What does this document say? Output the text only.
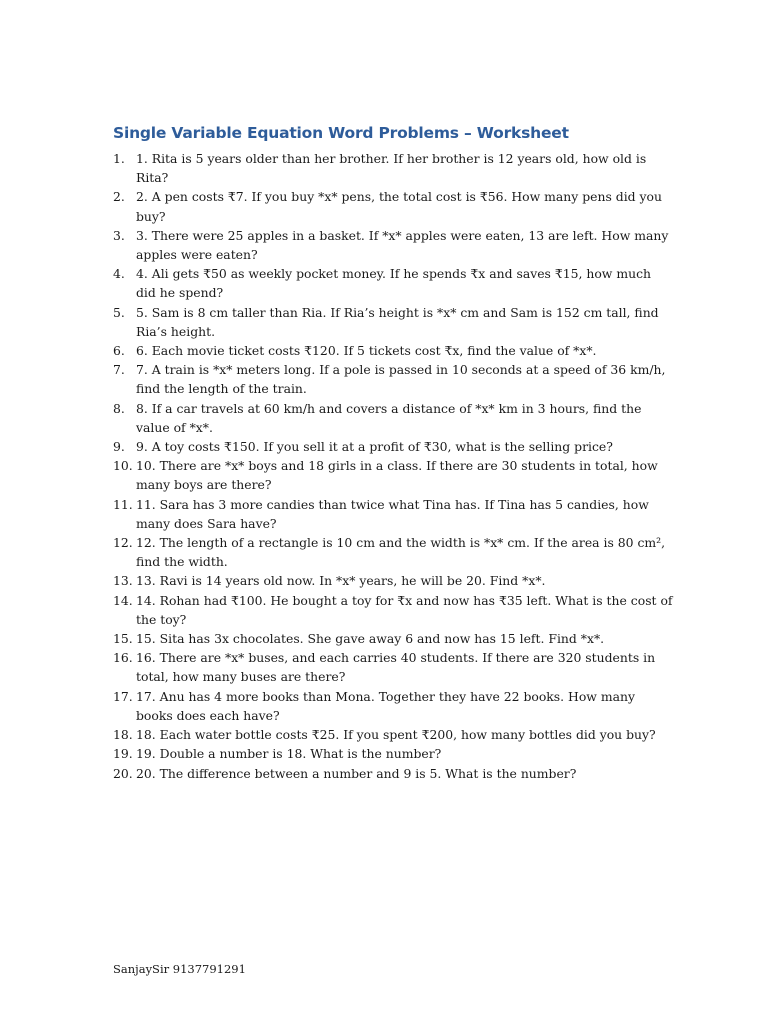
Single Variable Equation Word Problems – Worksheet
1. 1. Rita is 5 years older than her brother. If her brother is 12 years old, how old is Rita?
2. 2. A pen costs ₹7. If you buy *x* pens, the total cost is ₹56. How many pens did you buy?
3. 3. There were 25 apples in a basket. If *x* apples were eaten, 13 are left. How many apples were eaten?
4. 4. Ali gets ₹50 as weekly pocket money. If he spends ₹x and saves ₹15, how much did he spend?
5. 5. Sam is 8 cm taller than Ria. If Ria’s height is *x* cm and Sam is 152 cm tall, find Ria’s height.
6. 6. Each movie ticket costs ₹120. If 5 tickets cost ₹x, find the value of *x*.
7. 7. A train is *x* meters long. If a pole is passed in 10 seconds at a speed of 36 km/h, find the length of the train.
8. 8. If a car travels at 60 km/h and covers a distance of *x* km in 3 hours, find the value of *x*.
9. 9. A toy costs ₹150. If you sell it at a profit of ₹30, what is the selling price?
10. 10. There are *x* boys and 18 girls in a class. If there are 30 students in total, how many boys are there?
11. 11. Sara has 3 more candies than twice what Tina has. If Tina has 5 candies, how many does Sara have?
12. 12. The length of a rectangle is 10 cm and the width is *x* cm. If the area is 80 cm², find the width.
13. 13. Ravi is 14 years old now. In *x* years, he will be 20. Find *x*.
14. 14. Rohan had ₹100. He bought a toy for ₹x and now has ₹35 left. What is the cost of the toy?
15. 15. Sita has 3x chocolates. She gave away 6 and now has 15 left. Find *x*.
16. 16. There are *x* buses, and each carries 40 students. If there are 320 students in total, how many buses are there?
17. 17. Anu has 4 more books than Mona. Together they have 22 books. How many books does each have?
18. 18. Each water bottle costs ₹25. If you spent ₹200, how many bottles did you buy?
19. 19. Double a number is 18. What is the number?
20. 20. The difference between a number and 9 is 5. What is the number?
SanjaySir 9137791291
